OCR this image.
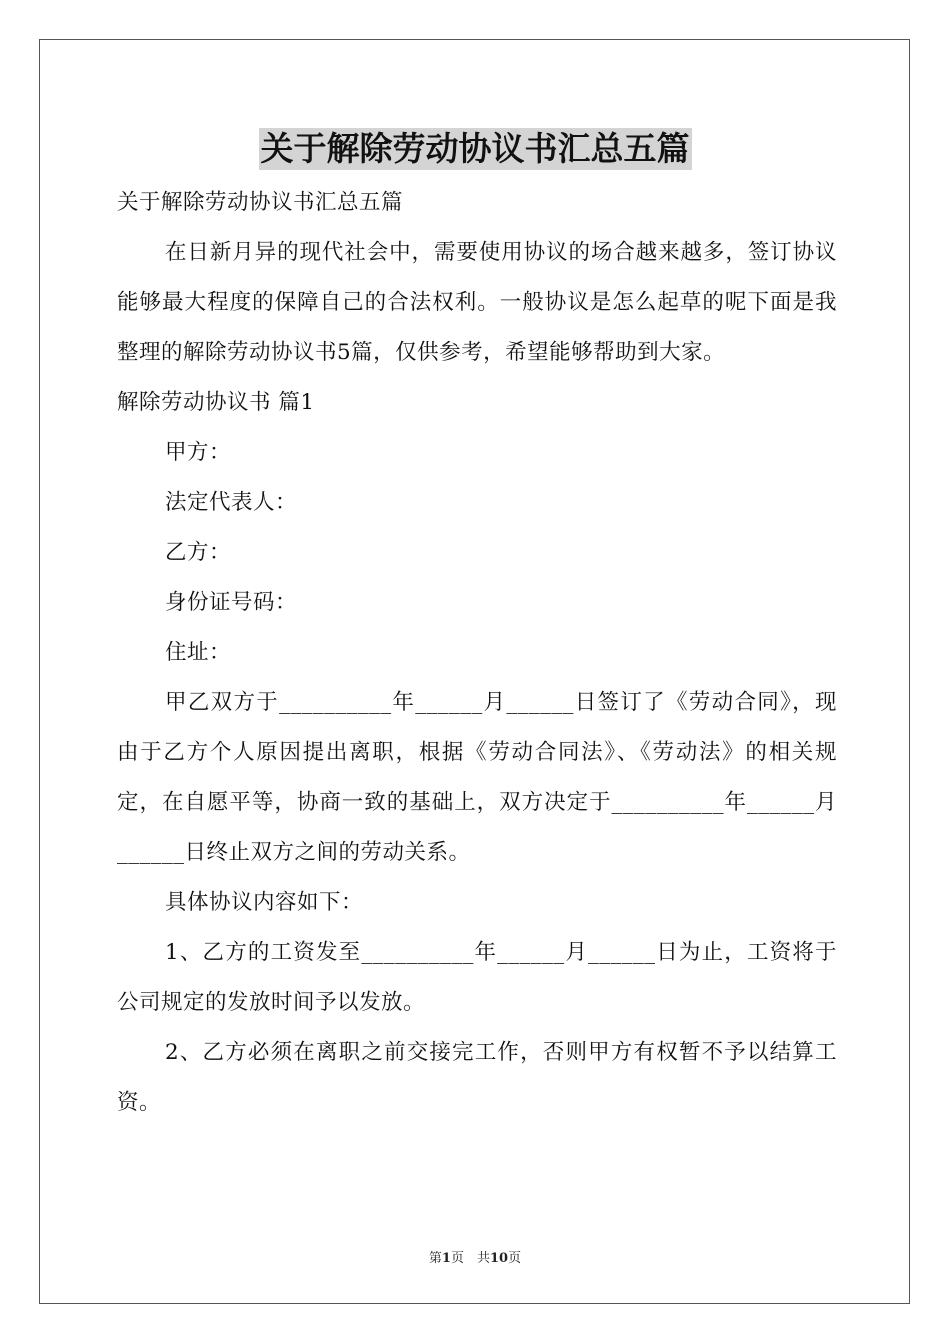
关于解除劳动协议书汇总五篇

关于解除劳动协议书汇总五篇

在日新月异的现代社会中，需要使用协议的场合越来越多，签订协议能够最大程度的保障自己的合法权利。一般协议是怎么起草的呢下面是我整理的解除劳动协议书5篇，仅供参考，希望能够帮助到大家。

解除劳动协议书 篇1

甲方：

法定代表人：

乙方：

身份证号码：

住址：

甲乙双方于__________年______月______日签订了《劳动合同》，现由于乙方个人原因提出离职，根据《劳动合同法》、《劳动法》的相关规定，在自愿平等，协商一致的基础上，双方决定于__________年______月______日终止双方之间的劳动关系。

具体协议内容如下：

1、乙方的工资发至__________年______月______日为止，工资将于公司规定的发放时间予以发放。

2、乙方必须在离职之前交接完工作，否则甲方有权暂不予以结算工资。

第1页　共10页
